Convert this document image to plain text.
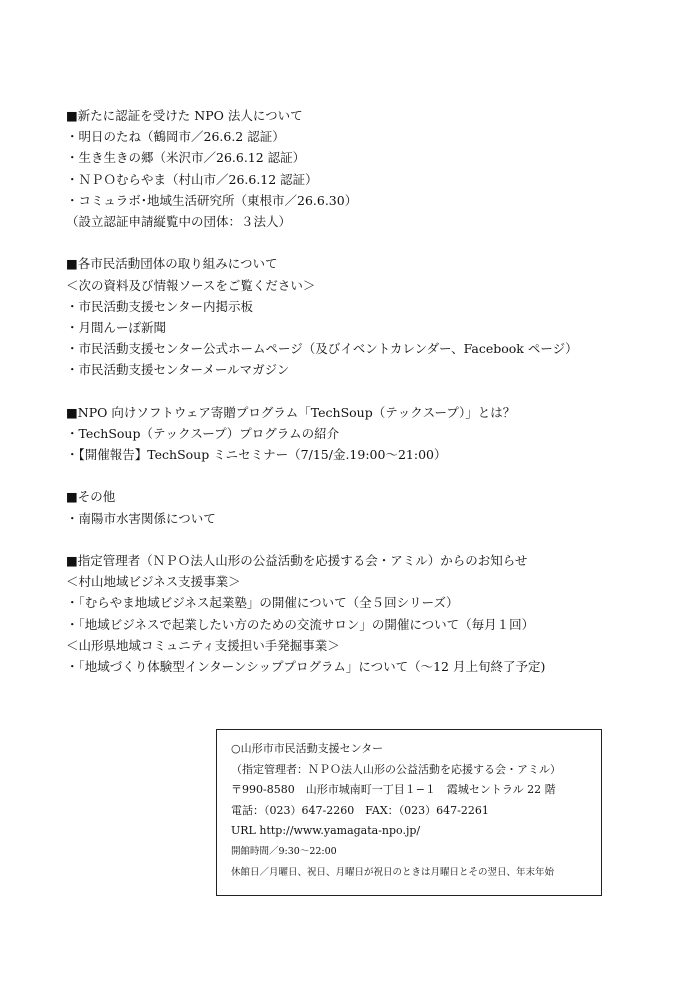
■新たに認証を受けた NPO 法人について
・明日のたね（鶴岡市／26.6.2 認証）
・生き生きの郷（米沢市／26.6.12 認証）
・ＮＰＯむらやま（村山市／26.6.12 認証）
・コミュラボ･地域生活研究所（東根市／26.6.30）
（設立認証申請縦覧中の団体：３法人）
■各市民活動団体の取り組みについて
＜次の資料及び情報ソースをご覧ください＞
・市民活動支援センター内掲示板
・月間んーぽ新聞
・市民活動支援センター公式ホームページ（及びイベントカレンダー、Facebook ページ）
・市民活動支援センターメールマガジン
■NPO 向けソフトウェア寄贈プログラム「TechSoup（テックスープ）」とは？
・TechSoup（テックスープ）プログラムの紹介
・【開催報告】TechSoup ミニセミナー（7/15/金.19:00～21:00）
■その他
・南陽市水害関係について
■指定管理者（ＮＰＯ法人山形の公益活動を応援する会・アミル）からのお知らせ
＜村山地域ビジネス支援事業＞
・「むらやま地域ビジネス起業塾」の開催について（全５回シリーズ）
・「地域ビジネスで起業したい方のための交流サロン」の開催について（毎月１回）
＜山形県地域コミュニティ支援担い手発掘事業＞
・「地域づくり体験型インターンシッププログラム」について（～12 月上旬終了予定)
○山形市市民活動支援センター
（指定管理者：ＮＰＯ法人山形の公益活動を応援する会・アミル）
〒990-8580　山形市城南町一丁目１−１　霞城セントラル 22 階
電話：（023）647-2260　FAX：（023）647-2261
URL http://www.yamagata-npo.jp/
開館時間／9:30～22:00
休館日／月曜日、祝日、月曜日が祝日のときは月曜日とその翌日、年末年始
